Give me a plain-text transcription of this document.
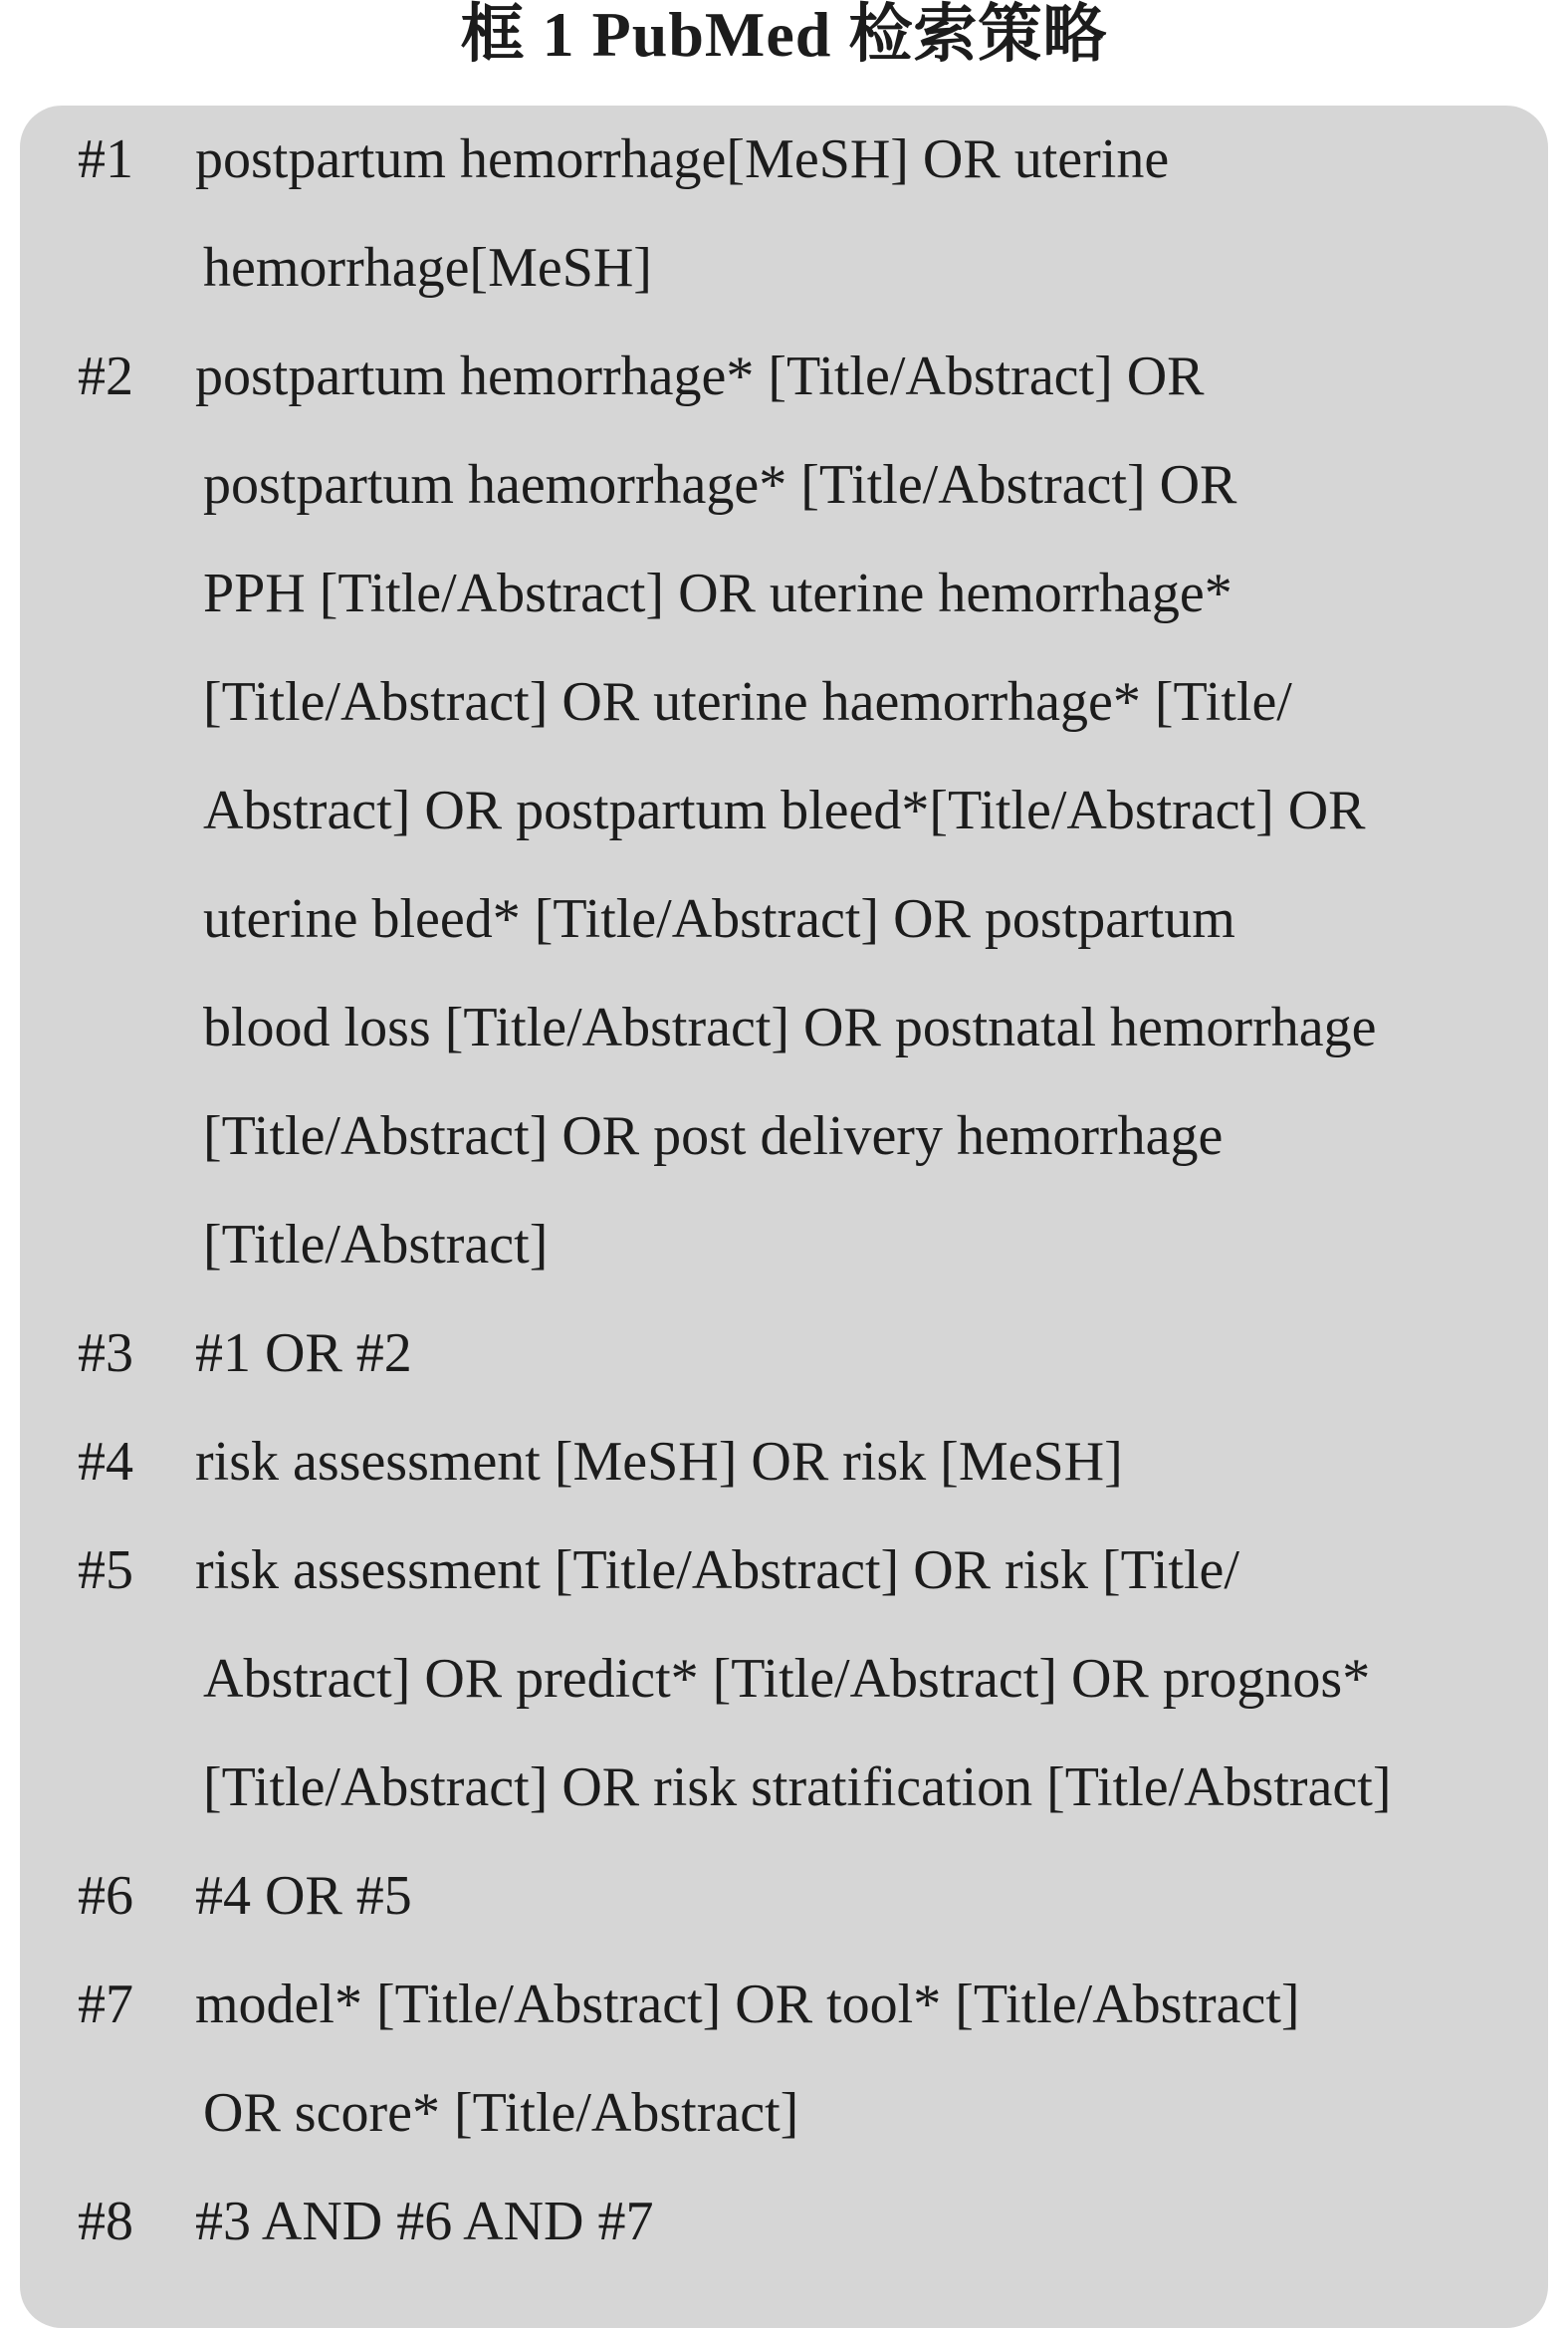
框 1 PubMed 检索策略
#1	postpartum hemorrhage[MeSH] OR uterine
hemorrhage[MeSH]

#2	postpartum hemorrhage* [Title/Abstract] OR
postpartum haemorrhage* [Title/Abstract] OR
PPH [Title/Abstract] OR uterine hemorrhage*
[Title/Abstract] OR uterine haemorrhage* [Title/
Abstract] OR postpartum bleed*[Title/Abstract] OR
uterine bleed* [Title/Abstract] OR postpartum
blood loss [Title/Abstract] OR postnatal hemorrhage
[Title/Abstract] OR post delivery hemorrhage
[Title/Abstract]

#3	#1 OR #2

#4	risk assessment [MeSH] OR risk [MeSH]

#5	risk assessment [Title/Abstract] OR risk [Title/
Abstract] OR predict* [Title/Abstract] OR prognos*
[Title/Abstract] OR risk stratification [Title/Abstract]

#6	#4 OR #5

#7	model* [Title/Abstract] OR tool* [Title/Abstract]
OR score* [Title/Abstract]

#8	#3 AND #6 AND #7
